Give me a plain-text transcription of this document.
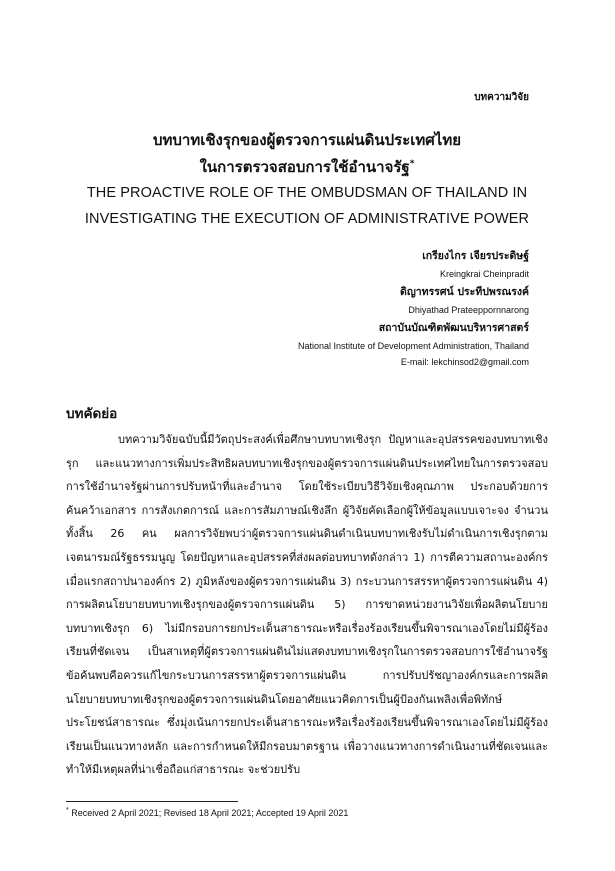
บทความวิจัย
บทบาทเชิงรุกของผู้ตรวจการแผ่นดินประเทศไทย
ในการตรวจสอบการใช้อำนาจรัฐ*
THE PROACTIVE ROLE OF THE OMBUDSMAN OF THAILAND IN
INVESTIGATING THE EXECUTION OF ADMINISTRATIVE POWER
เกรียงไกร เจียรประดิษฐ์
Kreingkrai Cheinpradit
ดิญาทรรศน์ ประทีปพรณรงค์
Dhiyathad Prateeppornnarong
สถาบันบัณฑิตพัฒนบริหารศาสตร์
National Institute of Development Administration, Thailand
E-mail: lekchinsod2@gmail.com
บทคัดย่อ
บทความวิจัยฉบับนี้มีวัตถุประสงค์เพื่อศึกษาบทบาทเชิงรุก ปัญหาและอุปสรรคของบทบาทเชิงรุก และแนวทางการเพิ่มประสิทธิผลบทบาทเชิงรุกของผู้ตรวจการแผ่นดินประเทศไทยในการตรวจสอบการใช้อำนาจรัฐผ่านการปรับหน้าที่และอำนาจ โดยใช้ระเบียบวิธีวิจัยเชิงคุณภาพ ประกอบด้วยการค้นคว้าเอกสาร การสังเกตการณ์ และการสัมภาษณ์เชิงลึก ผู้วิจัยคัดเลือกผู้ให้ข้อมูลแบบเจาะจง จำนวนทั้งสิ้น 26 คน ผลการวิจัยพบว่าผู้ตรวจการแผ่นดินดำเนินบทบาทเชิงรับไม่ดำเนินการเชิงรุกตามเจตนารมณ์รัฐธรรมนูญ โดยปัญหาและอุปสรรคที่ส่งผลต่อบทบาทดังกล่าว 1) การตีความสถานะองค์กรเมื่อแรกสถาปนาองค์กร 2) ภูมิหลังของผู้ตรวจการแผ่นดิน 3) กระบวนการสรรหาผู้ตรวจการแผ่นดิน 4) การผลิตนโยบายบทบาทเชิงรุกของผู้ตรวจการแผ่นดิน 5) การขาดหน่วยงานวิจัยเพื่อผลิตนโยบายบทบาทเชิงรุก 6) ไม่มีกรอบการยกประเด็นสาธารณะหรือเรื่องร้องเรียนขึ้นพิจารณาเองโดยไม่มีผู้ร้องเรียนที่ชัดเจน เป็นสาเหตุที่ผู้ตรวจการแผ่นดินไม่แสดงบทบาทเชิงรุกในการตรวจสอบการใช้อำนาจรัฐ ข้อค้นพบคือควรแก้ไขกระบวนการสรรหาผู้ตรวจการแผ่นดิน การปรับปรัชญาองค์กรและการผลิตนโยบายบทบาทเชิงรุกของผู้ตรวจการแผ่นดินโดยอาศัยแนวคิดการเป็นผู้ป้องกันเพลิงเพื่อพิทักษ์ประโยชน์สาธารณะ ซึ่งมุ่งเน้นการยกประเด็นสาธารณะหรือเรื่องร้องเรียนขึ้นพิจารณาเองโดยไม่มีผู้ร้องเรียนเป็นแนวทางหลัก และการกำหนดให้มีกรอบมาตรฐาน เพื่อวางแนวทางการดำเนินงานที่ชัดเจนและทำให้มีเหตุผลที่น่าเชื่อถือแก่สาธารณะ จะช่วยปรับ
* Received 2 April 2021; Revised 18 April 2021; Accepted 19 April 2021
